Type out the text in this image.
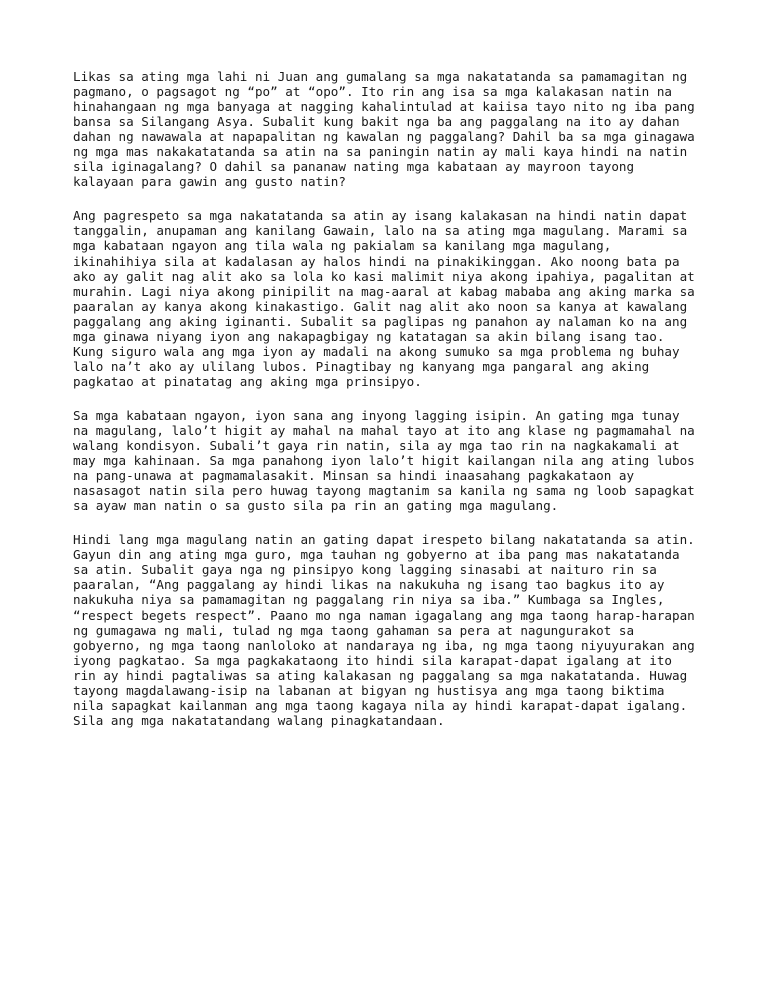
Likas sa ating mga lahi ni Juan ang gumalang sa mga nakatatanda sa pamamagitan ng
pagmano, o pagsagot ng “po” at “opo”. Ito rin ang isa sa mga kalakasan natin na
hinahangaan ng mga banyaga at nagging kahalintulad at kaiisa tayo nito ng iba pang
bansa sa Silangang Asya. Subalit kung bakit nga ba ang paggalang na ito ay dahan
dahan ng nawawala at napapalitan ng kawalan ng paggalang? Dahil ba sa mga ginagawa
ng mga mas nakakatatanda sa atin na sa paningin natin ay mali kaya hindi na natin
sila iginagalang? O dahil sa pananaw nating mga kabataan ay mayroon tayong
kalayaan para gawin ang gusto natin?

Ang pagrespeto sa mga nakatatanda sa atin ay isang kalakasan na hindi natin dapat
tanggalin, anupaman ang kanilang Gawain, lalo na sa ating mga magulang. Marami sa
mga kabataan ngayon ang tila wala ng pakialam sa kanilang mga magulang,
ikinahihiya sila at kadalasan ay halos hindi na pinakikinggan. Ako noong bata pa
ako ay galit nag alit ako sa lola ko kasi malimit niya akong ipahiya, pagalitan at
murahin. Lagi niya akong pinipilit na mag-aaral at kabag mababa ang aking marka sa
paaralan ay kanya akong kinakastigo. Galit nag alit ako noon sa kanya at kawalang
paggalang ang aking iginanti. Subalit sa paglipas ng panahon ay nalaman ko na ang
mga ginawa niyang iyon ang nakapagbigay ng katatagan sa akin bilang isang tao.
Kung siguro wala ang mga iyon ay madali na akong sumuko sa mga problema ng buhay
lalo na’t ako ay ulilang lubos. Pinagtibay ng kanyang mga pangaral ang aking
pagkatao at pinatatag ang aking mga prinsipyo.

Sa mga kabataan ngayon, iyon sana ang inyong lagging isipin. An gating mga tunay
na magulang, lalo’t higit ay mahal na mahal tayo at ito ang klase ng pagmamahal na
walang kondisyon. Subali’t gaya rin natin, sila ay mga tao rin na nagkakamali at
may mga kahinaan. Sa mga panahong iyon lalo’t higit kailangan nila ang ating lubos
na pang-unawa at pagmamalasakit. Minsan sa hindi inaasahang pagkakataon ay
nasasagot natin sila pero huwag tayong magtanim sa kanila ng sama ng loob sapagkat
sa ayaw man natin o sa gusto sila pa rin an gating mga magulang.

Hindi lang mga magulang natin an gating dapat irespeto bilang nakatatanda sa atin.
Gayun din ang ating mga guro, mga tauhan ng gobyerno at iba pang mas nakatatanda
sa atin. Subalit gaya nga ng pinsipyo kong lagging sinasabi at naituro rin sa
paaralan, “Ang paggalang ay hindi likas na nakukuha ng isang tao bagkus ito ay
nakukuha niya sa pamamagitan ng paggalang rin niya sa iba.” Kumbaga sa Ingles,
“respect begets respect”. Paano mo nga naman igagalang ang mga taong harap-harapan
ng gumagawa ng mali, tulad ng mga taong gahaman sa pera at nagungurakot sa
gobyerno, ng mga taong nanloloko at nandaraya ng iba, ng mga taong niyuyurakan ang
iyong pagkatao. Sa mga pagkakataong ito hindi sila karapat-dapat igalang at ito
rin ay hindi pagtaliwas sa ating kalakasan ng paggalang sa mga nakatatanda. Huwag
tayong magdalawang-isip na labanan at bigyan ng hustisya ang mga taong biktima
nila sapagkat kailanman ang mga taong kagaya nila ay hindi karapat-dapat igalang.
Sila ang mga nakatatandang walang pinagkatandaan.
